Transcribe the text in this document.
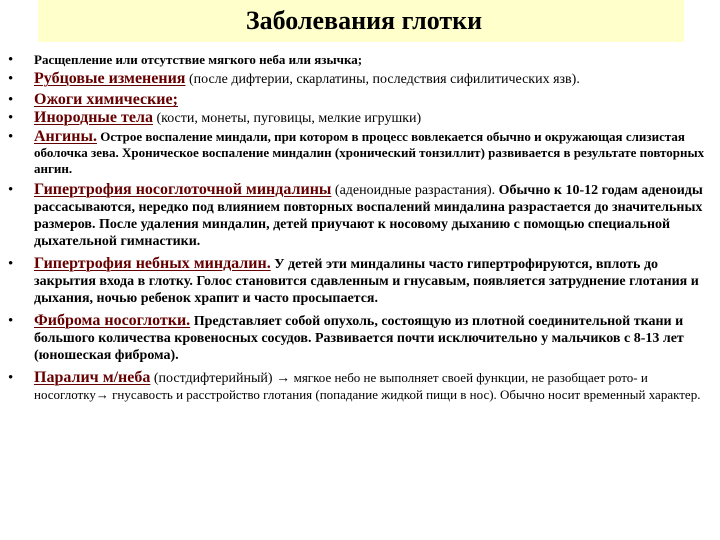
Заболевания глотки
• Расщепление или отсутствие мягкого неба или язычка;
• Рубцовые изменения (после дифтерии, скарлатины, последствия сифилитических язв).
• Ожоги химические;
• Инородные тела (кости, монеты, пуговицы, мелкие игрушки)
• Ангины. Острое воспаление миндали, при котором в процесс вовлекается обычно и окружающая слизистая оболочка зева. Хроническое воспаление миндалин (хронический тонзиллит) развивается в результате повторных ангин.
• Гипертрофия носоглоточной миндалины (аденоидные разрастания). Обычно к 10-12 годам аденоиды рассасываются, нередко под влиянием повторных воспалений миндалина разрастается до значительных размеров. После удаления миндалин, детей приучают к носовому дыханию с помощью специальной дыхательной гимнастики.
• Гипертрофия небных миндалин. У детей эти миндалины часто гипертрофируются, вплоть до закрытия входа в глотку. Голос становится сдавленным и гнусавым, появляется затруднение глотания и дыхания, ночью ребенок храпит и часто просыпается.
• Фиброма носоглотки. Представляет собой опухоль, состоящую из плотной соединительной ткани и большого количества кровеносных сосудов. Развивается почти исключительно у мальчиков с 8-13 лет (юношеская фиброма).
• Паралич м/неба (постдифтерийный) → мягкое небо не выполняет своей функции, не разобщает рото- и носоглотку→ гнусавость и расстройство глотания (попадание жидкой пищи в нос). Обычно носит временный характер.
